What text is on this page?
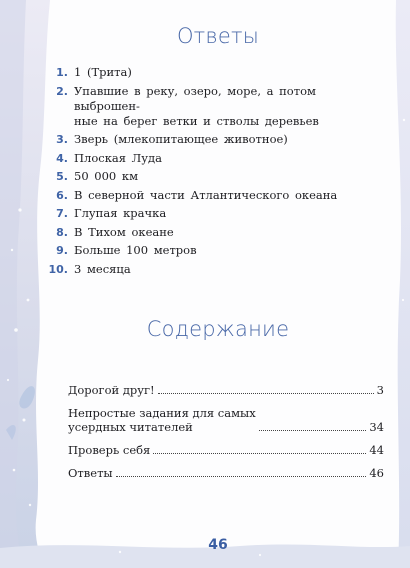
Ответы
1. 1 (Трита)
2. Упавшие в реку, озеро, море, а потом выброшен-
ные на берег ветки и стволы деревьев
3. Зверь (млекопитающее животное)
4. Плоская Луда
5. 50 000 км
6. В северной части Атлантического океана
7. Глупая крачка
8. В Тихом океане
9. Больше 100 метров
10. 3 месяца
Содержание
Дорогой друг!	3
Непростые задания для самых
усердных читателей	34
Проверь себя	44
Ответы	46
46
